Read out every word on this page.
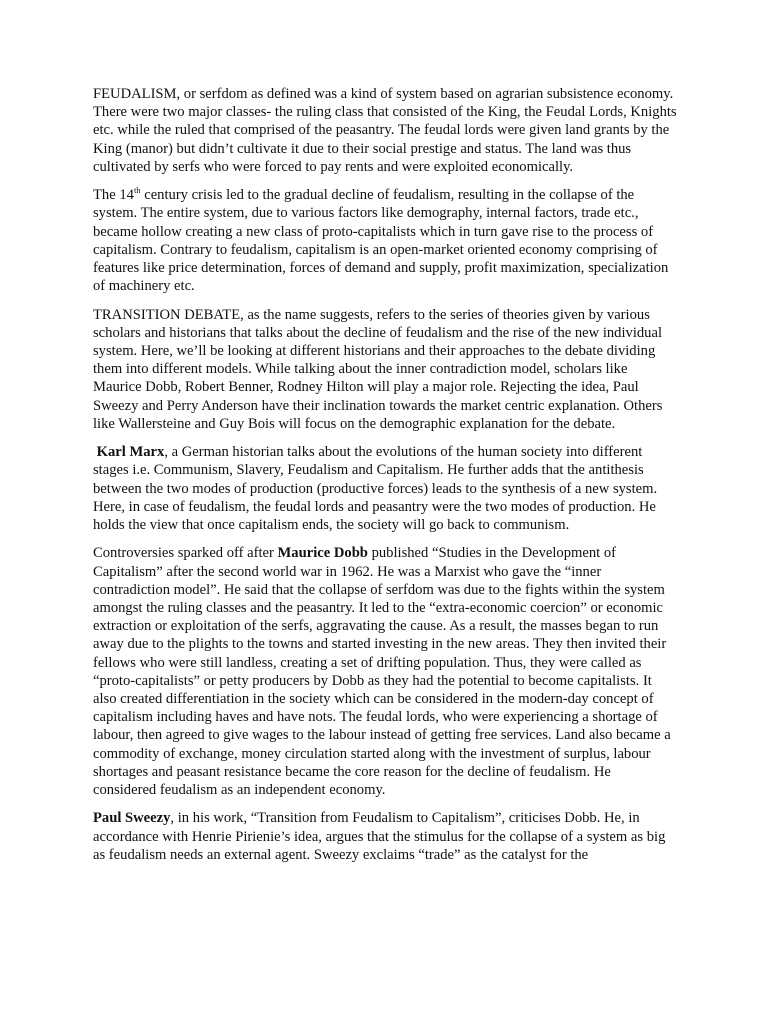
FEUDALISM, or serfdom as defined was a kind of system based on agrarian subsistence economy. There were two major classes- the ruling class that consisted of the King, the Feudal Lords, Knights etc. while the ruled that comprised of the peasantry. The feudal lords were given land grants by the King (manor) but didn’t cultivate it due to their social prestige and status. The land was thus cultivated by serfs who were forced to pay rents and were exploited economically.

The 14th century crisis led to the gradual decline of feudalism, resulting in the collapse of the system. The entire system, due to various factors like demography, internal factors, trade etc., became hollow creating a new class of proto-capitalists which in turn gave rise to the process of capitalism. Contrary to feudalism, capitalism is an open-market oriented economy comprising of features like price determination, forces of demand and supply, profit maximization, specialization of machinery etc.

TRANSITION DEBATE, as the name suggests, refers to the series of theories given by various scholars and historians that talks about the decline of feudalism and the rise of the new individual system. Here, we’ll be looking at different historians and their approaches to the debate dividing them into different models. While talking about the inner contradiction model, scholars like Maurice Dobb, Robert Benner, Rodney Hilton will play a major role. Rejecting the idea, Paul Sweezy and Perry Anderson have their inclination towards the market centric explanation. Others like Wallersteine and Guy Bois will focus on the demographic explanation for the debate.

Karl Marx, a German historian talks about the evolutions of the human society into different stages i.e. Communism, Slavery, Feudalism and Capitalism. He further adds that the antithesis between the two modes of production (productive forces) leads to the synthesis of a new system. Here, in case of feudalism, the feudal lords and peasantry were the two modes of production. He holds the view that once capitalism ends, the society will go back to communism.

Controversies sparked off after Maurice Dobb published “Studies in the Development of Capitalism” after the second world war in 1962. He was a Marxist who gave the “inner contradiction model”. He said that the collapse of serfdom was due to the fights within the system amongst the ruling classes and the peasantry. It led to the “extra-economic coercion” or economic extraction or exploitation of the serfs, aggravating the cause. As a result, the masses began to run away due to the plights to the towns and started investing in the new areas. They then invited their fellows who were still landless, creating a set of drifting population. Thus, they were called as “proto-capitalists” or petty producers by Dobb as they had the potential to become capitalists. It also created differentiation in the society which can be considered in the modern-day concept of capitalism including haves and have nots. The feudal lords, who were experiencing a shortage of labour, then agreed to give wages to the labour instead of getting free services. Land also became a commodity of exchange, money circulation started along with the investment of surplus, labour shortages and peasant resistance became the core reason for the decline of feudalism. He considered feudalism as an independent economy.

Paul Sweezy, in his work, “Transition from Feudalism to Capitalism”, criticises Dobb. He, in accordance with Henrie Pirienie’s idea, argues that the stimulus for the collapse of a system as big as feudalism needs an external agent. Sweezy exclaims “trade” as the catalyst for the
